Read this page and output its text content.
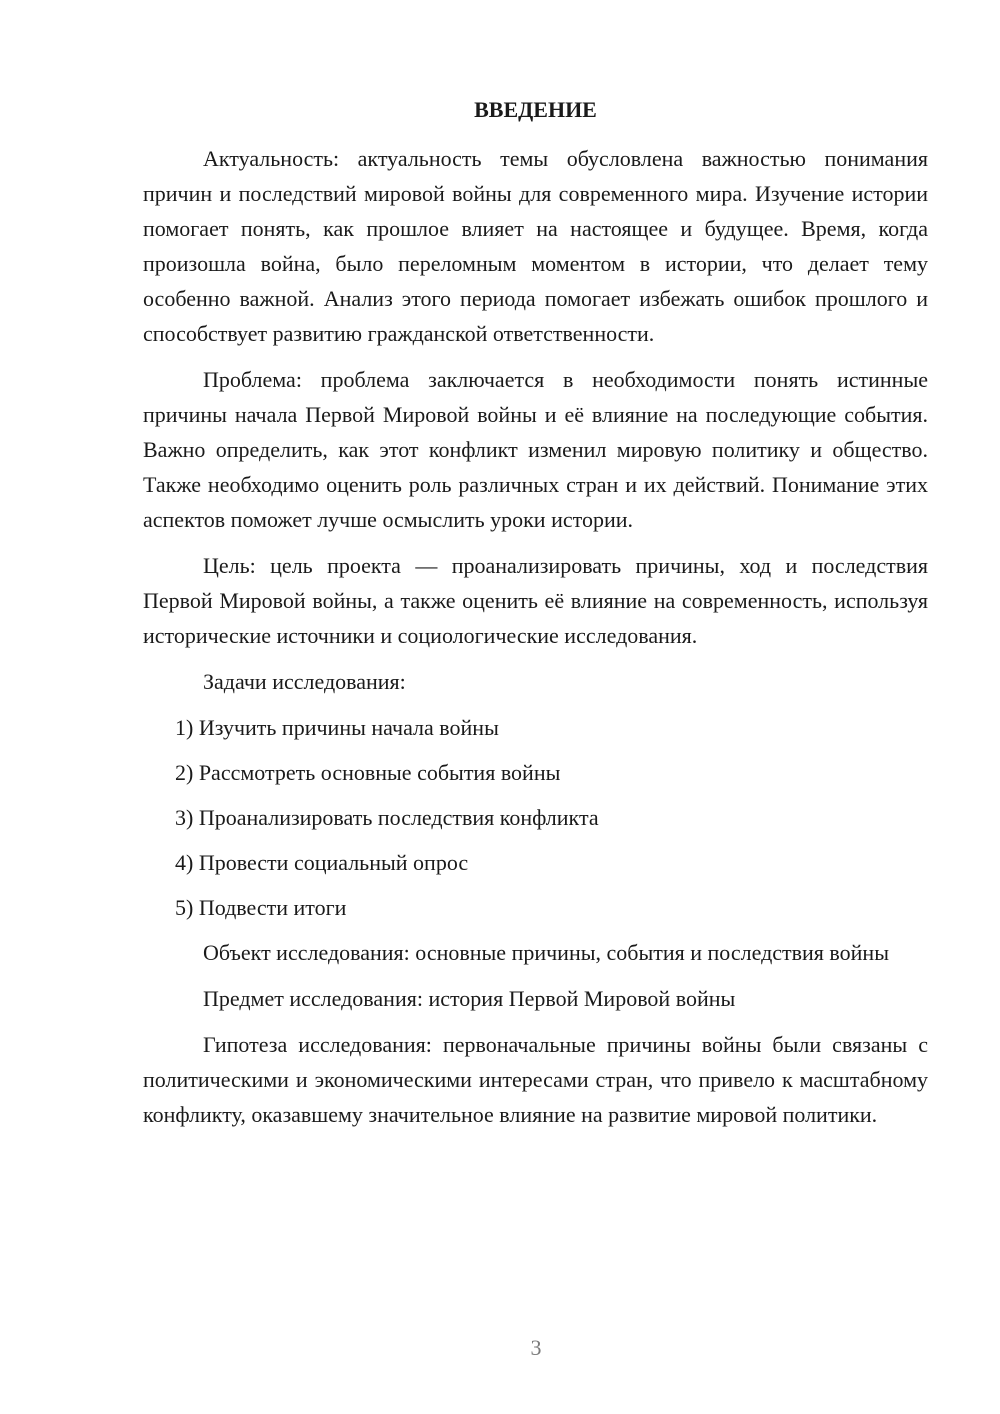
ВВЕДЕНИЕ

Актуальность: актуальность темы обусловлена важностью понимания причин и последствий мировой войны для современного мира. Изучение истории помогает понять, как прошлое влияет на настоящее и будущее. Время, когда произошла война, было переломным моментом в истории, что делает тему особенно важной. Анализ этого периода помогает избежать ошибок прошлого и способствует развитию гражданской ответственности.

Проблема: проблема заключается в необходимости понять истинные причины начала Первой Мировой войны и её влияние на последующие события. Важно определить, как этот конфликт изменил мировую политику и общество. Также необходимо оценить роль различных стран и их действий. Понимание этих аспектов поможет лучше осмыслить уроки истории.

Цель: цель проекта — проанализировать причины, ход и последствия Первой Мировой войны, а также оценить её влияние на современность, используя исторические источники и социологические исследования.

Задачи исследования:

1) Изучить причины начала войны
2) Рассмотреть основные события войны
3) Проанализировать последствия конфликта
4) Провести социальный опрос
5) Подвести итоги

Объект исследования: основные причины, события и последствия войны

Предмет исследования: история Первой Мировой войны

Гипотеза исследования: первоначальные причины войны были связаны с политическими и экономическими интересами стран, что привело к масштабному конфликту, оказавшему значительное влияние на развитие мировой политики.

3
